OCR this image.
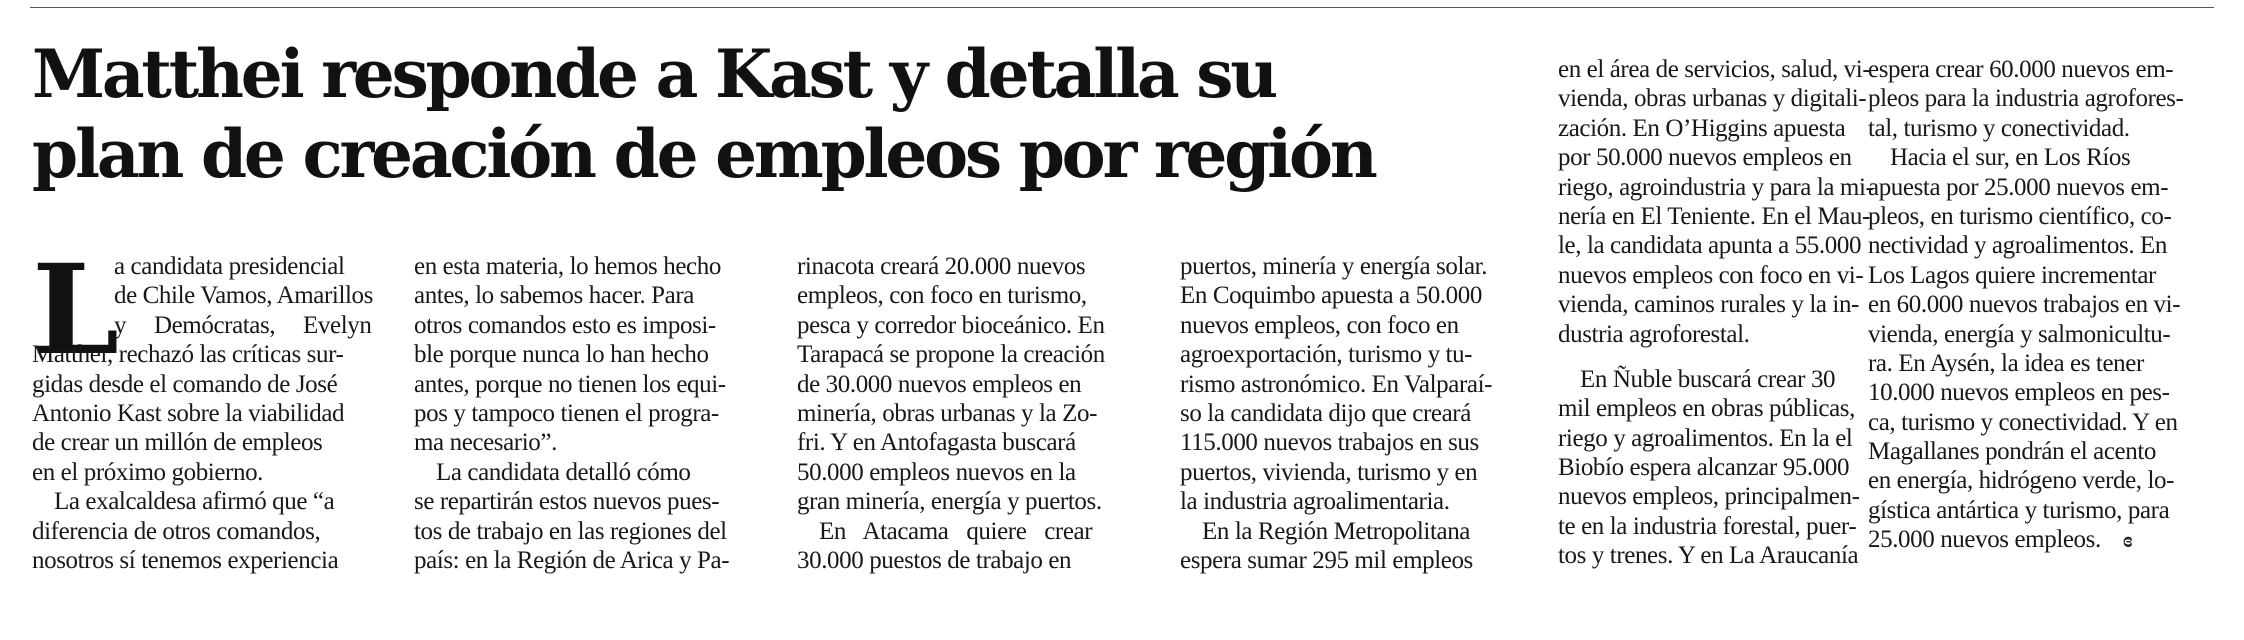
Matthei responde a Kast y detalla su
plan de creación de empleos por región
L
a candidata presidencial
de Chile Vamos, Amarillos
y Demócratas, Evelyn
Matthei, rechazó las críticas sur-
gidas desde el comando de José
Antonio Kast sobre la viabilidad
de crear un millón de empleos
en el próximo gobierno.
La exalcaldesa afirmó que “a
diferencia de otros comandos,
nosotros sí tenemos experiencia
en esta materia, lo hemos hecho
antes, lo sabemos hacer. Para
otros comandos esto es imposi-
ble porque nunca lo han hecho
antes, porque no tienen los equi-
pos y tampoco tienen el progra-
ma necesario”.
La candidata detalló cómo
se repartirán estos nuevos pues-
tos de trabajo en las regiones del
país: en la Región de Arica y Pa-
rinacota creará 20.000 nuevos
empleos, con foco en turismo,
pesca y corredor bioceánico. En
Tarapacá se propone la creación
de 30.000 nuevos empleos en
minería, obras urbanas y la Zo-
fri. Y en Antofagasta buscará
50.000 empleos nuevos en la
gran minería, energía y puertos.
En Atacama quiere crear
30.000 puestos de trabajo en
puertos, minería y energía solar.
En Coquimbo apuesta a 50.000
nuevos empleos, con foco en
agroexportación, turismo y tu-
rismo astronómico. En Valparaí-
so la candidata dijo que creará
115.000 nuevos trabajos en sus
puertos, vivienda, turismo y en
la industria agroalimentaria.
En la Región Metropolitana
espera sumar 295 mil empleos
en el área de servicios, salud, vi-
vienda, obras urbanas y digitali-
zación. En O’Higgins apuesta
por 50.000 nuevos empleos en
riego, agroindustria y para la mi-
nería en El Teniente. En el Mau-
le, la candidata apunta a 55.000
nuevos empleos con foco en vi-
vienda, caminos rurales y la in-
dustria agroforestal.
En Ñuble buscará crear 30
mil empleos en obras públicas,
riego y agroalimentos. En la el
Biobío espera alcanzar 95.000
nuevos empleos, principalmen-
te en la industria forestal, puer-
tos y trenes. Y en La Araucanía
espera crear 60.000 nuevos em-
pleos para la industria agrofores-
tal, turismo y conectividad.
Hacia el sur, en Los Ríos
apuesta por 25.000 nuevos em-
pleos, en turismo científico, co-
nectividad y agroalimentos. En
Los Lagos quiere incrementar
en 60.000 nuevos trabajos en vi-
vienda, energía y salmonicultu-
ra. En Aysén, la idea es tener
10.000 nuevos empleos en pes-
ca, turismo y conectividad. Y en
Magallanes pondrán el acento
en energía, hidrógeno verde, lo-
gística antártica y turismo, para
25.000 nuevos empleos. ɞ
